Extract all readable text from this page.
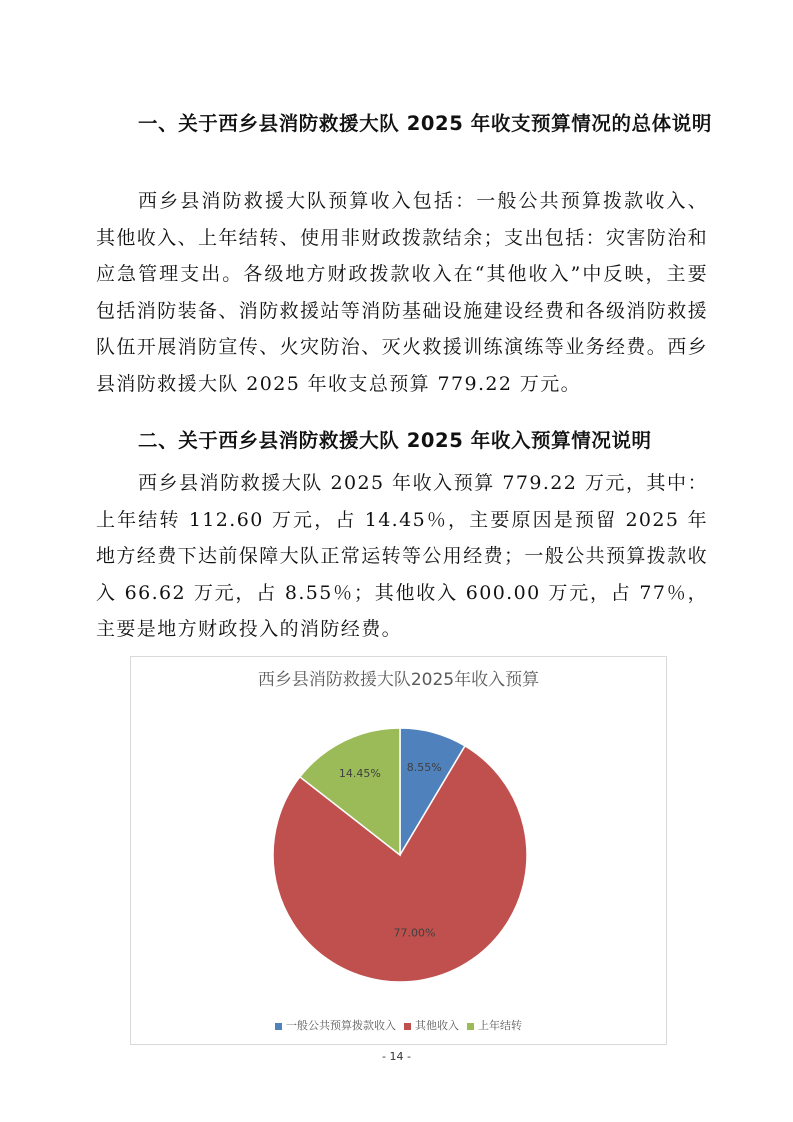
一、关于西乡县消防救援大队 2025 年收支预算情况的总体说明
西乡县消防救援大队预算收入包括：一般公共预算拨款收入、其他收入、上年结转、使用非财政拨款结余；支出包括：灾害防治和应急管理支出。各级地方财政拨款收入在“其他收入”中反映，主要包括消防装备、消防救援站等消防基础设施建设经费和各级消防救援队伍开展消防宣传、火灾防治、灭火救援训练演练等业务经费。西乡县消防救援大队 2025 年收支总预算 779.22 万元。
二、关于西乡县消防救援大队 2025 年收入预算情况说明
西乡县消防救援大队 2025 年收入预算 779.22 万元，其中：上年结转 112.60 万元，占 14.45％，主要原因是预留 2025 年地方经费下达前保障大队正常运转等公用经费；一般公共预算拨款收入 66.62 万元，占 8.55％；其他收入 600.00 万元，占 77％，主要是地方财政投入的消防经费。
西乡县消防救援大队2025年收入预算
8.55%
77.00%
14.45%
一般公共预算拨款收入 其他收入 上年结转
- 14 -
